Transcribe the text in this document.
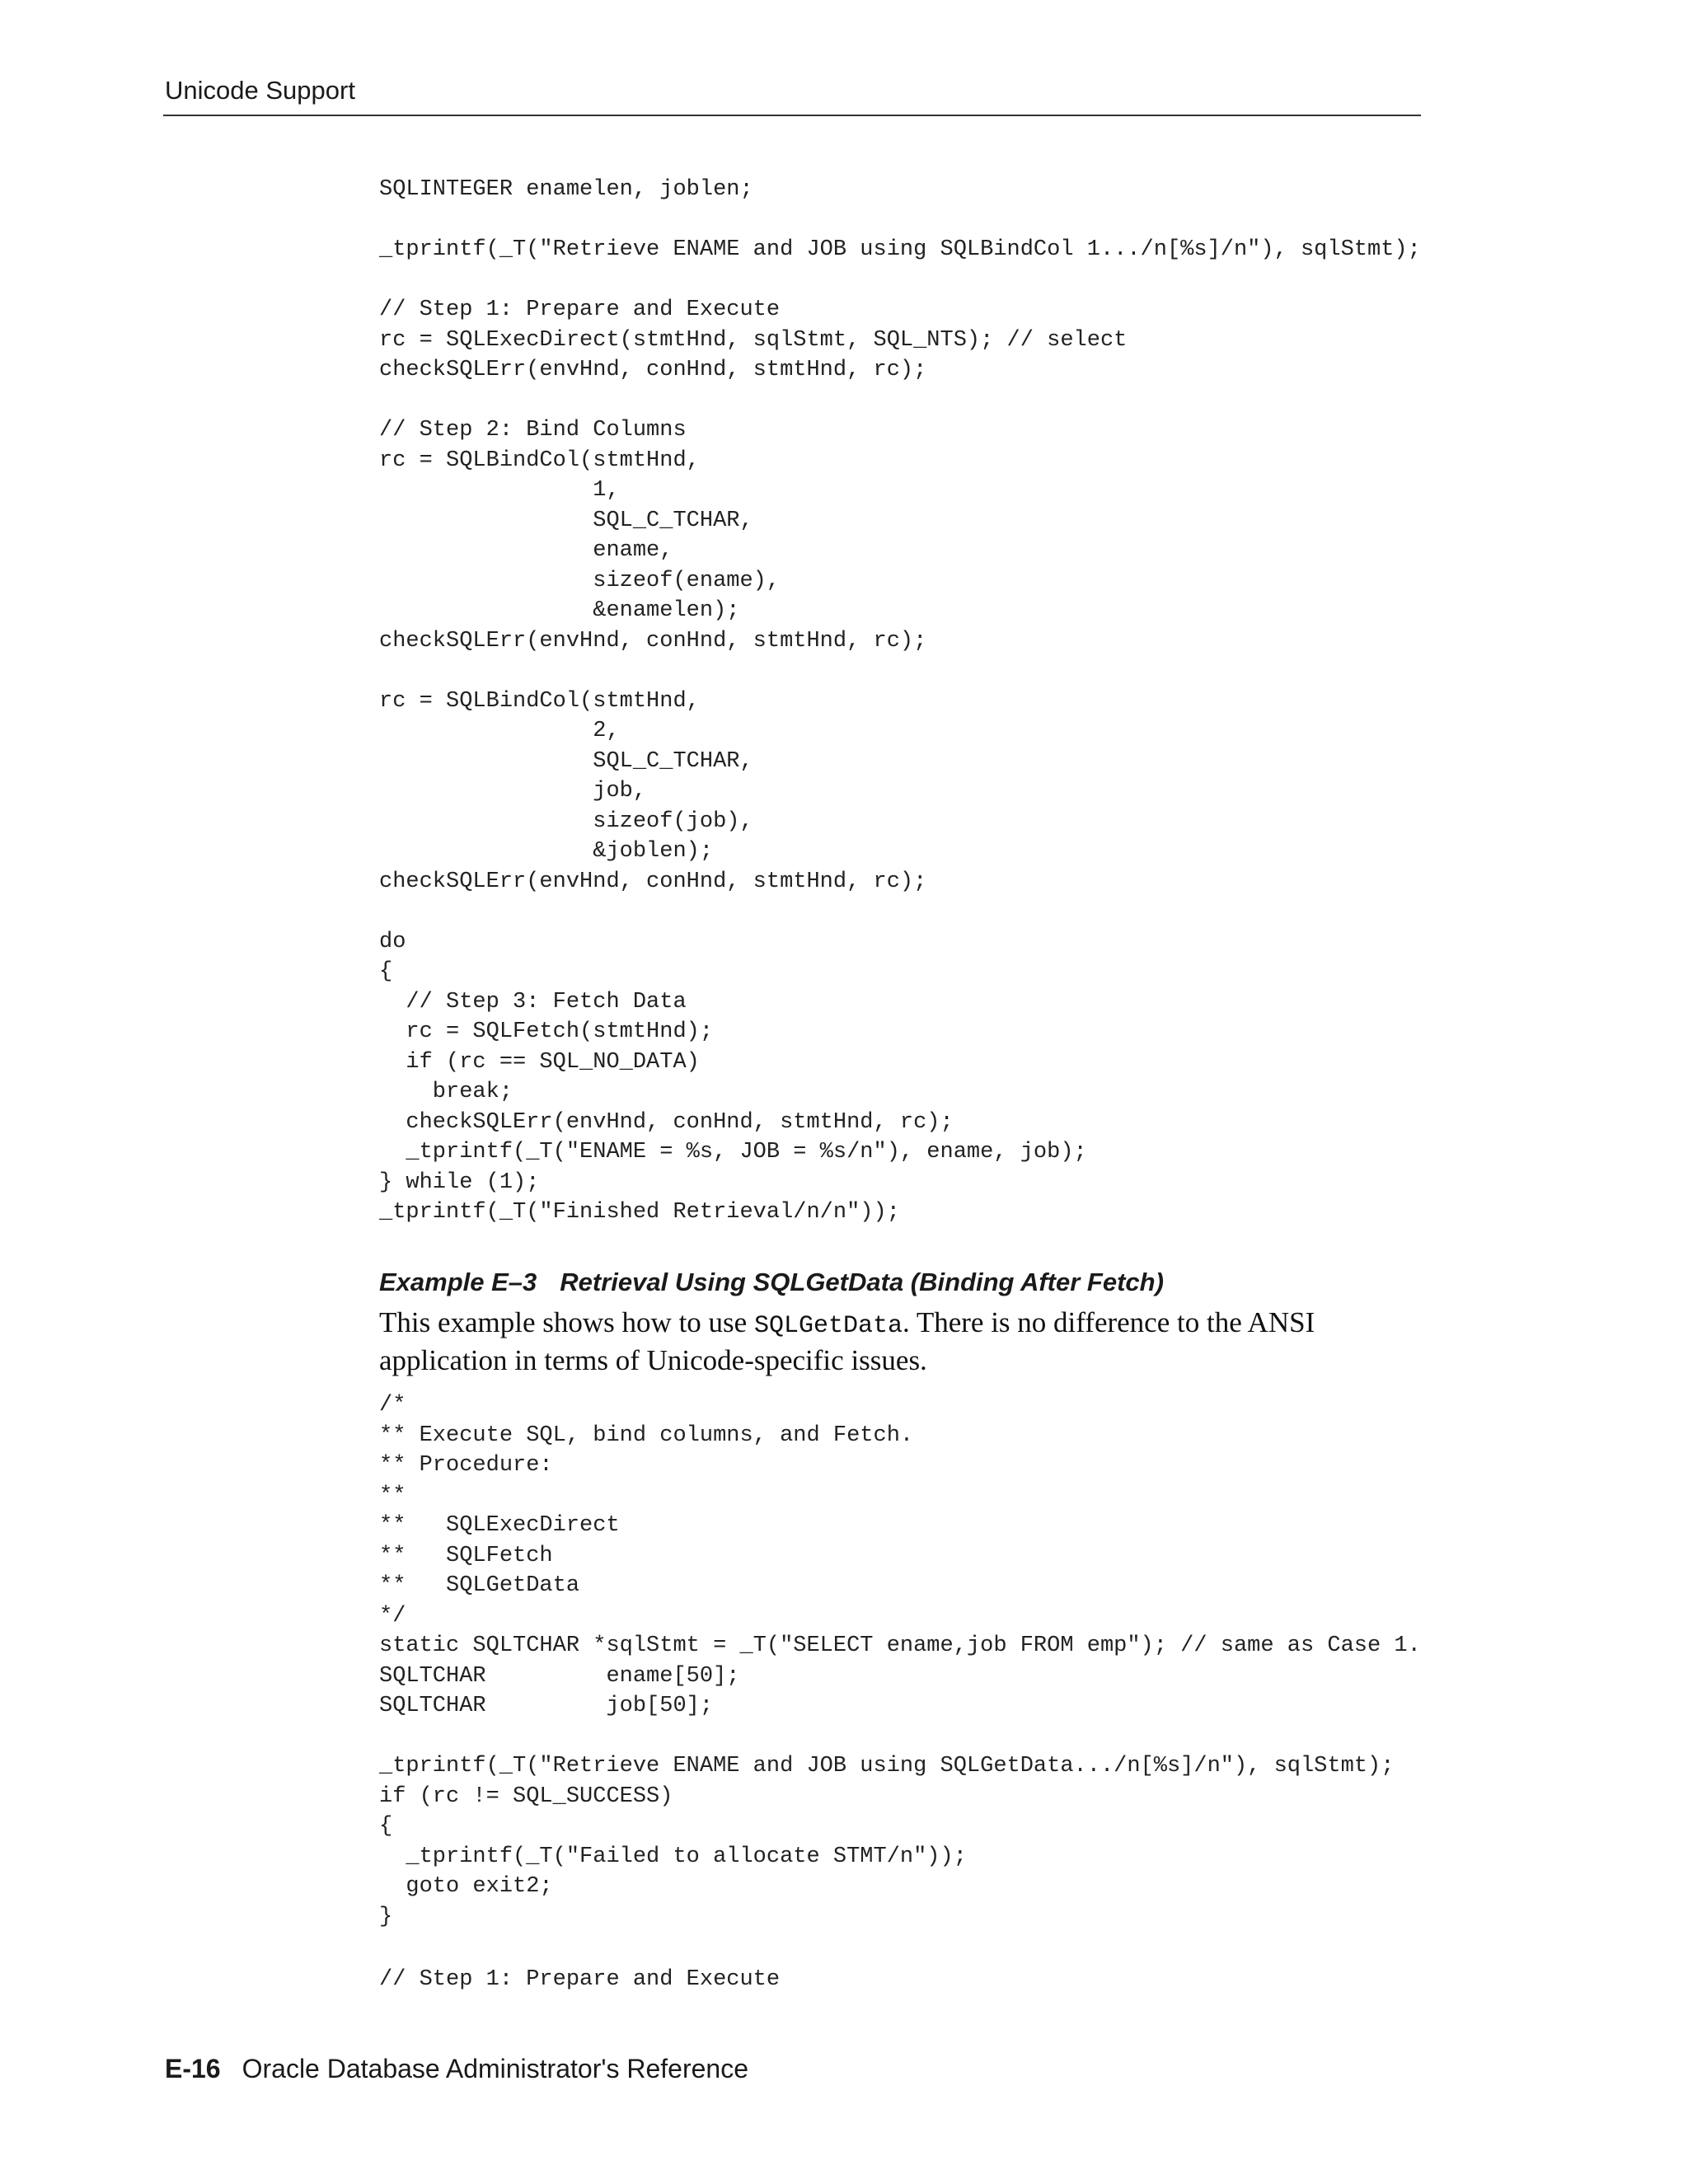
Unicode Support
SQLINTEGER enamelen, joblen;

_tprintf(_T("Retrieve ENAME and JOB using SQLBindCol 1.../n[%s]/n"), sqlStmt);

// Step 1: Prepare and Execute
rc = SQLExecDirect(stmtHnd, sqlStmt, SQL_NTS); // select
checkSQLErr(envHnd, conHnd, stmtHnd, rc);

// Step 2: Bind Columns
rc = SQLBindCol(stmtHnd,
1,
SQL_C_TCHAR,
ename,
sizeof(ename),
&enamelen);
checkSQLErr(envHnd, conHnd, stmtHnd, rc);

rc = SQLBindCol(stmtHnd,
2,
SQL_C_TCHAR,
job,
sizeof(job),
&joblen);
checkSQLErr(envHnd, conHnd, stmtHnd, rc);

do
{
// Step 3: Fetch Data
rc = SQLFetch(stmtHnd);
if (rc == SQL_NO_DATA)
break;
checkSQLErr(envHnd, conHnd, stmtHnd, rc);
_tprintf(_T("ENAME = %s, JOB = %s/n"), ename, job);
} while (1);
_tprintf(_T("Finished Retrieval/n/n"));
Example E–3 Retrieval Using SQLGetData (Binding After Fetch)
This example shows how to use SQLGetData. There is no difference to the ANSI application in terms of Unicode-specific issues.
/*
** Execute SQL, bind columns, and Fetch.
** Procedure:
**
**   SQLExecDirect
**   SQLFetch
**   SQLGetData
*/
static SQLTCHAR *sqlStmt = _T("SELECT ename,job FROM emp"); // same as Case 1.
SQLTCHAR         ename[50];
SQLTCHAR         job[50];

_tprintf(_T("Retrieve ENAME and JOB using SQLGetData.../n[%s]/n"), sqlStmt);
if (rc != SQL_SUCCESS)
{
_tprintf(_T("Failed to allocate STMT/n"));
goto exit2;
}
// Step 1: Prepare and Execute
E-16 Oracle Database Administrator's Reference
